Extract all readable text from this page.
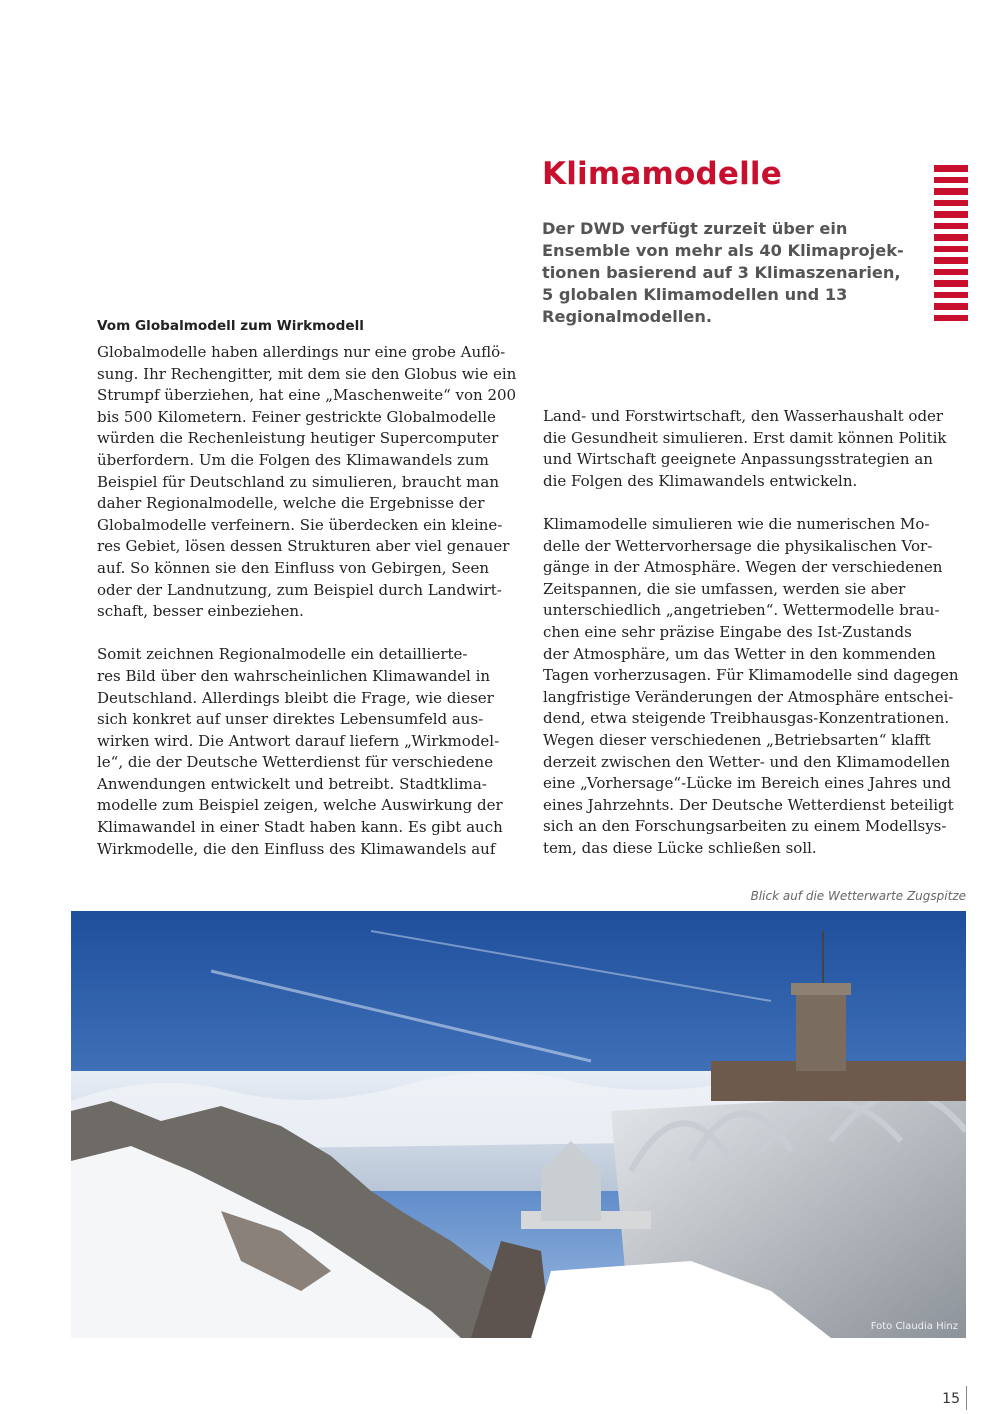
Klimamodelle
Der DWD verfügt zurzeit über ein
Ensemble von mehr als 40 Klimaprojek-
tionen basierend auf 3 Klimaszenarien,
5 globalen Klimamodellen und 13
Regionalmodellen.
Vom Globalmodell zum Wirkmodell
Globalmodelle haben allerdings nur eine grobe Auflö-
sung. Ihr Rechengitter, mit dem sie den Globus wie ein
Strumpf überziehen, hat eine „Maschenweite“ von 200
bis 500 Kilometern. Feiner gestrickte Globalmodelle
würden die Rechenleistung heutiger Supercomputer
überfordern. Um die Folgen des Klimawandels zum
Beispiel für Deutschland zu simulieren, braucht man
daher Regionalmodelle, welche die Ergebnisse der
Globalmodelle verfeinern. Sie überdecken ein kleine-
res Gebiet, lösen dessen Strukturen aber viel genauer
auf. So können sie den Einfluss von Gebirgen, Seen
oder der Landnutzung, zum Beispiel durch Landwirt-
schaft, besser einbeziehen.
Somit zeichnen Regionalmodelle ein detaillierte-
res Bild über den wahrscheinlichen Klimawandel in
Deutschland. Allerdings bleibt die Frage, wie dieser
sich konkret auf unser direktes Lebensumfeld aus-
wirken wird. Die Antwort darauf liefern „Wirkmodel-
le“, die der Deutsche Wetterdienst für verschiedene
Anwendungen entwickelt und betreibt. Stadtklima-
modelle zum Beispiel zeigen, welche Auswirkung der
Klimawandel in einer Stadt haben kann. Es gibt auch
Wirkmodelle, die den Einfluss des Klimawandels auf
Land- und Forstwirtschaft, den Wasserhaushalt oder
die Gesundheit simulieren. Erst damit können Politik
und Wirtschaft geeignete Anpassungsstrategien an
die Folgen des Klimawandels entwickeln.
Klimamodelle simulieren wie die numerischen Mo-
delle der Wettervorhersage die physikalischen Vor-
gänge in der Atmosphäre. Wegen der verschiedenen
Zeitspannen, die sie umfassen, werden sie aber
unterschiedlich „angetrieben“. Wettermodelle brau-
chen eine sehr präzise Eingabe des Ist-Zustands
der Atmosphäre, um das Wetter in den kommenden
Tagen vorherzusagen. Für Klimamodelle sind dagegen
langfristige Veränderungen der Atmosphäre entschei-
dend, etwa steigende Treibhausgas-Konzentrationen.
Wegen dieser verschiedenen „Betriebsarten“ klafft
derzeit zwischen den Wetter- und den Klimamodellen
eine „Vorhersage“-Lücke im Bereich eines Jahres und
eines Jahrzehnts. Der Deutsche Wetterdienst beteiligt
sich an den Forschungsarbeiten zu einem Modellsys-
tem, das diese Lücke schließen soll.
Blick auf die Wetterwarte Zugspitze
Foto Claudia Hinz
15
